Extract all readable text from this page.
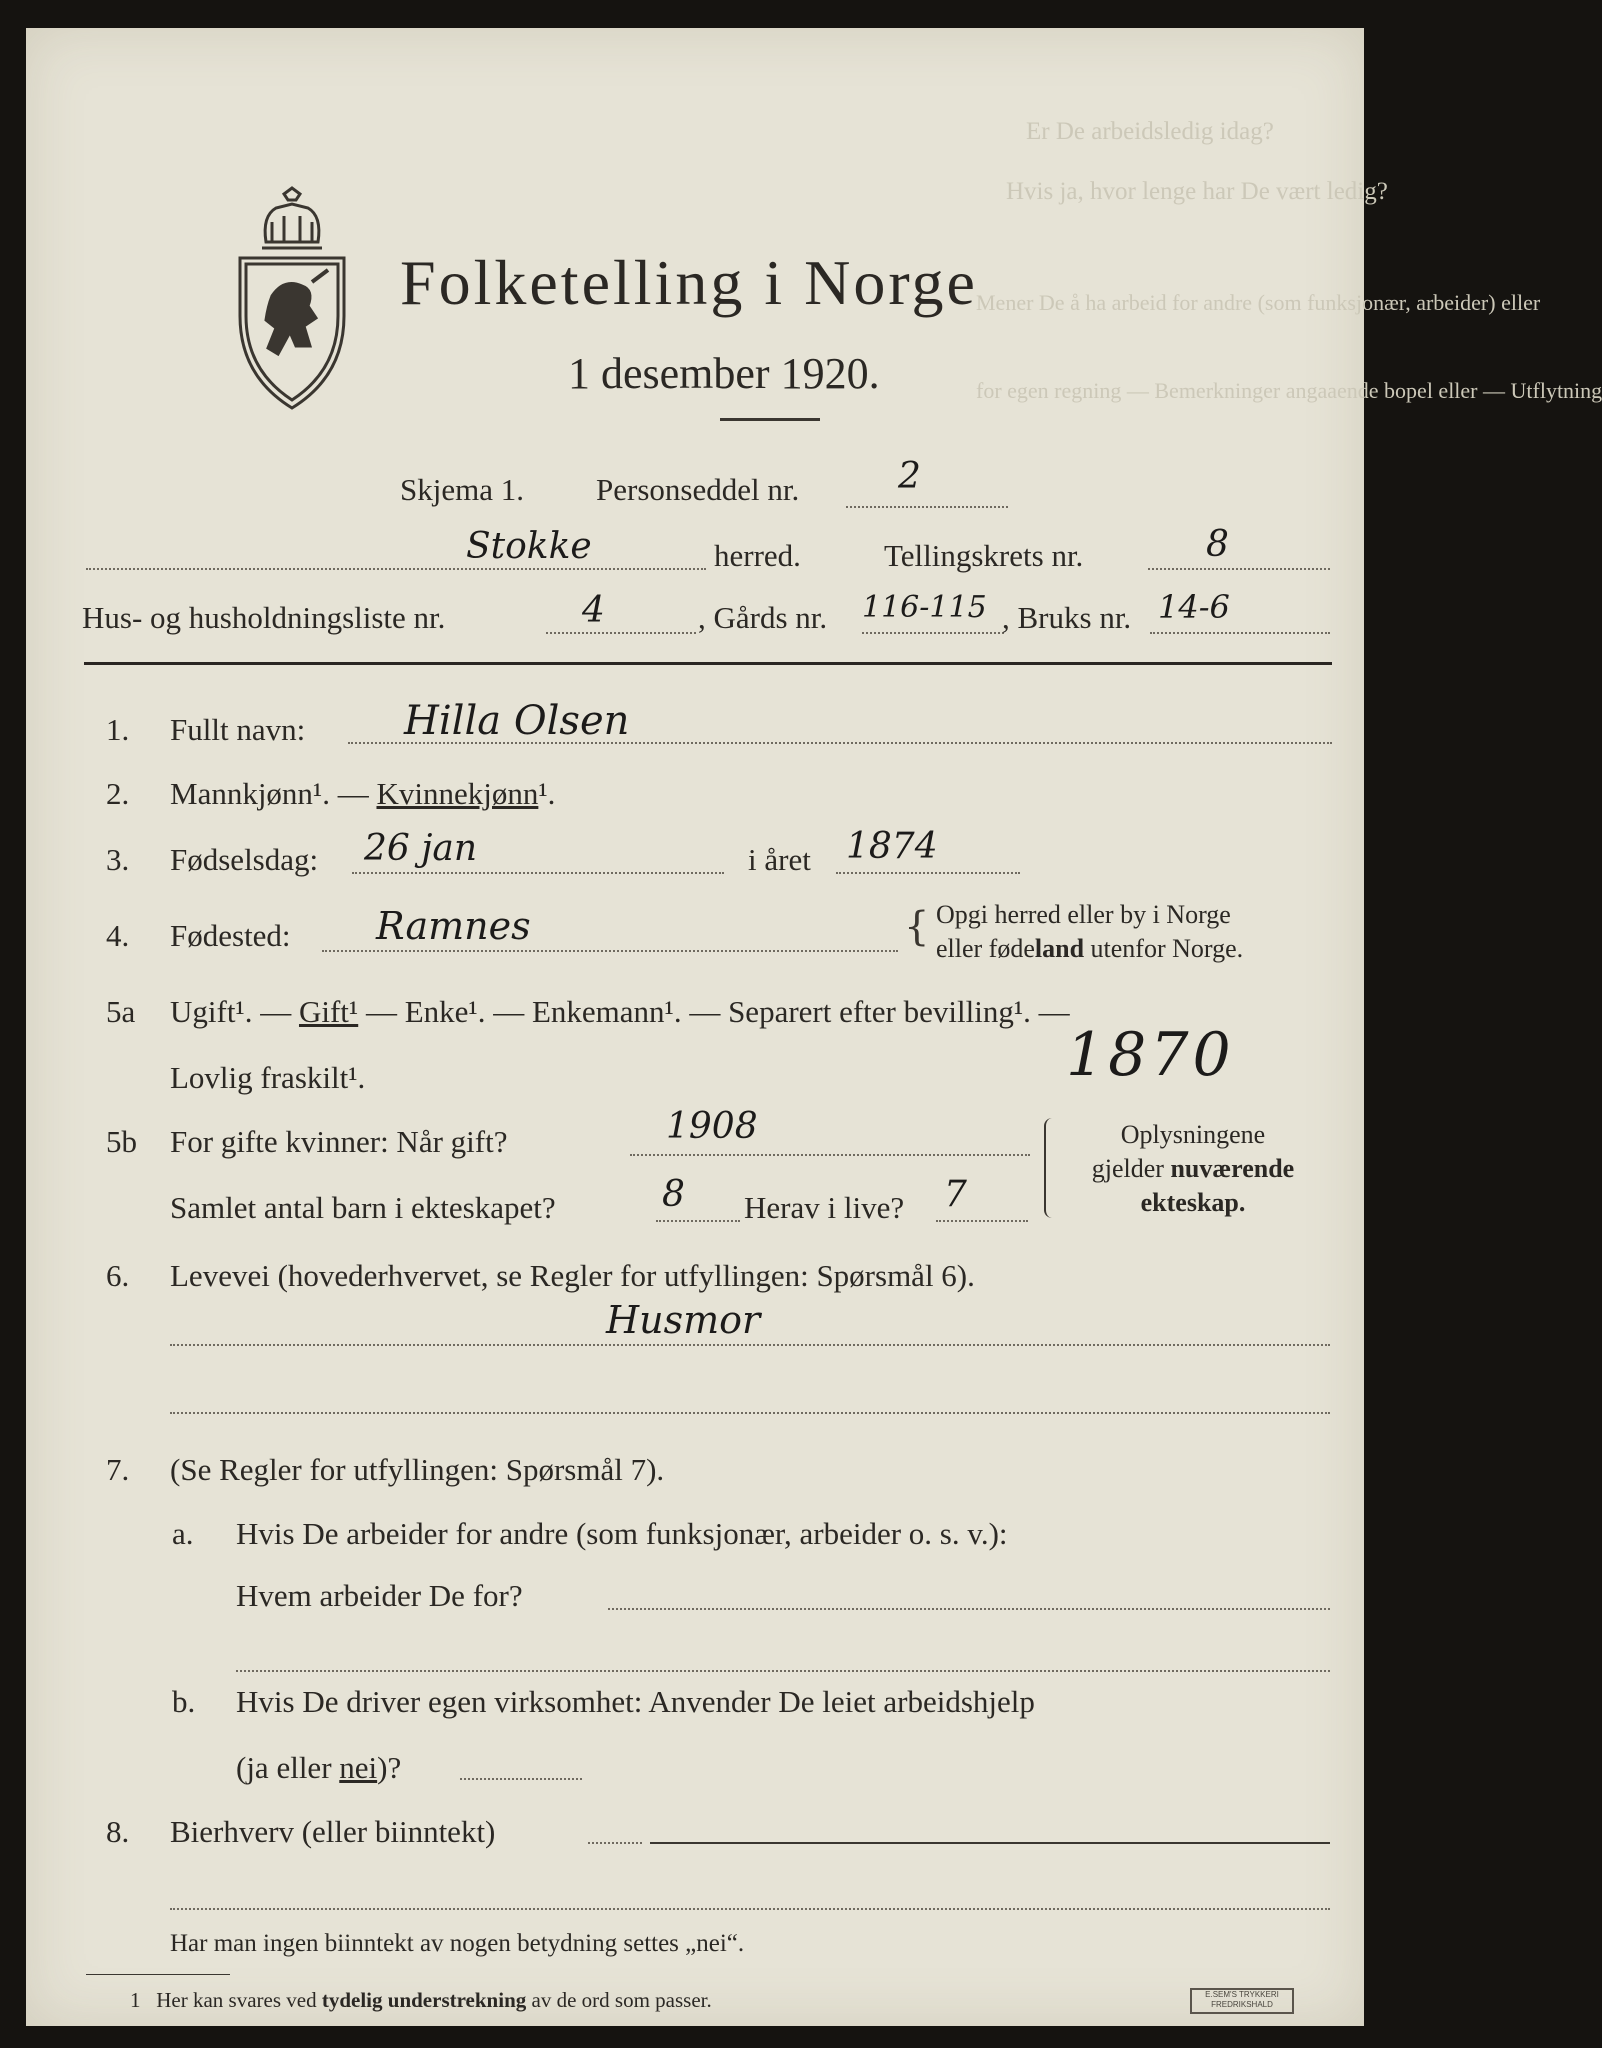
Er De arbeidsledig idag?
Hvis ja, hvor lenge har De vært ledig?
Mener De å ha arbeid for andre (som funksjonær, arbeider) eller
for egen regning — Bemerkninger angaaende bopel eller — Utflytning
Folketelling i Norge
1 desember 1920.
Skjema 1. Personseddel nr.	2
Stokke	herred.	Tellingskrets nr.	8
Hus- og husholdningsliste nr.	4	, Gårds nr. 116-115 , Bruks nr. 14-6
1. Fullt navn: Hilla Olsen
2. Mannkjønn¹. — Kvinnekjønn¹.
3. Fødselsdag: 26 jan	i året 1874
4. Fødested: Ramnes	{ Opgi herred eller by i Norge
eller fødeland utenfor Norge.
5a Ugift¹. — Gift¹ — Enke¹. — Enkemann¹. — Separert efter bevilling¹. —
Lovlig fraskilt¹.	1870
5b For gifte kvinner: Når gift?	1908
Samlet antal barn i ekteskapet?	8 Herav i live? 7
Oplysningene
gjelder nuværende
ekteskap.
6. Levevei (hovederhvervet, se Regler for utfyllingen: Spørsmål 6).
Husmor
7. (Se Regler for utfyllingen: Spørsmål 7).
a. Hvis De arbeider for andre (som funksjonær, arbeider o. s. v.):
Hvem arbeider De for?
b. Hvis De driver egen virksomhet: Anvender De leiet arbeidshjelp
(ja eller nei)?
8. Bierhverv (eller biinntekt)
Har man ingen biinntekt av nogen betydning settes „nei“.
1 Her kan svares ved tydelig understrekning av de ord som passer.	E.SEM'S TRYKKERI
FREDRIKSHALD
